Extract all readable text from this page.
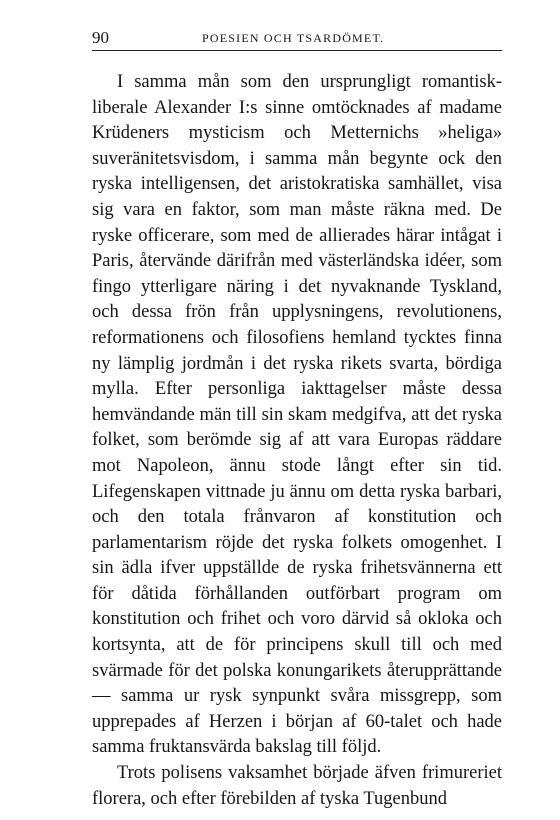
90	POESIEN OCH TSARDÖMET.

I samma mån som den ursprungligt romantisk-liberale Alexander I:s sinne omtöcknades af madame Krüdeners mysticism och Metternichs »heliga» suveränitetsvisdom, i samma mån begynte ock den ryska intelligensen, det aristokratiska samhället, visa sig vara en faktor, som man måste räkna med. De ryske officerare, som med de allierades härar intågat i Paris, återvände därifrån med västerländska idéer, som fingo ytterligare näring i det nyvaknande Tyskland, och dessa frön från upplysningens, revolutionens, reformationens och filosofiens hemland tycktes finna ny lämplig jordmån i det ryska rikets svarta, bördiga mylla. Efter personliga iakttagelser måste dessa hemvändande män till sin skam medgifva, att det ryska folket, som berömde sig af att vara Europas räddare mot Napoleon, ännu stode långt efter sin tid. Lifegenskapen vittnade ju ännu om detta ryska barbari, och den totala frånvaron af konstitution och parlamentarism röjde det ryska folkets omogenhet. I sin ädla ifver uppställde de ryska frihetsvännerna ett för dåtida förhållanden outförbart program om konstitution och frihet och voro därvid så okloka och kortsynta, att de för principens skull till och med svärmade för det polska konungarikets återupprättande — samma ur rysk synpunkt svåra missgrepp, som upprepades af Herzen i början af 60-talet och hade samma fruktansvärda bakslag till följd.

Trots polisens vaksamhet började äfven frimureriet florera, och efter förebilden af tyska Tugenbund
